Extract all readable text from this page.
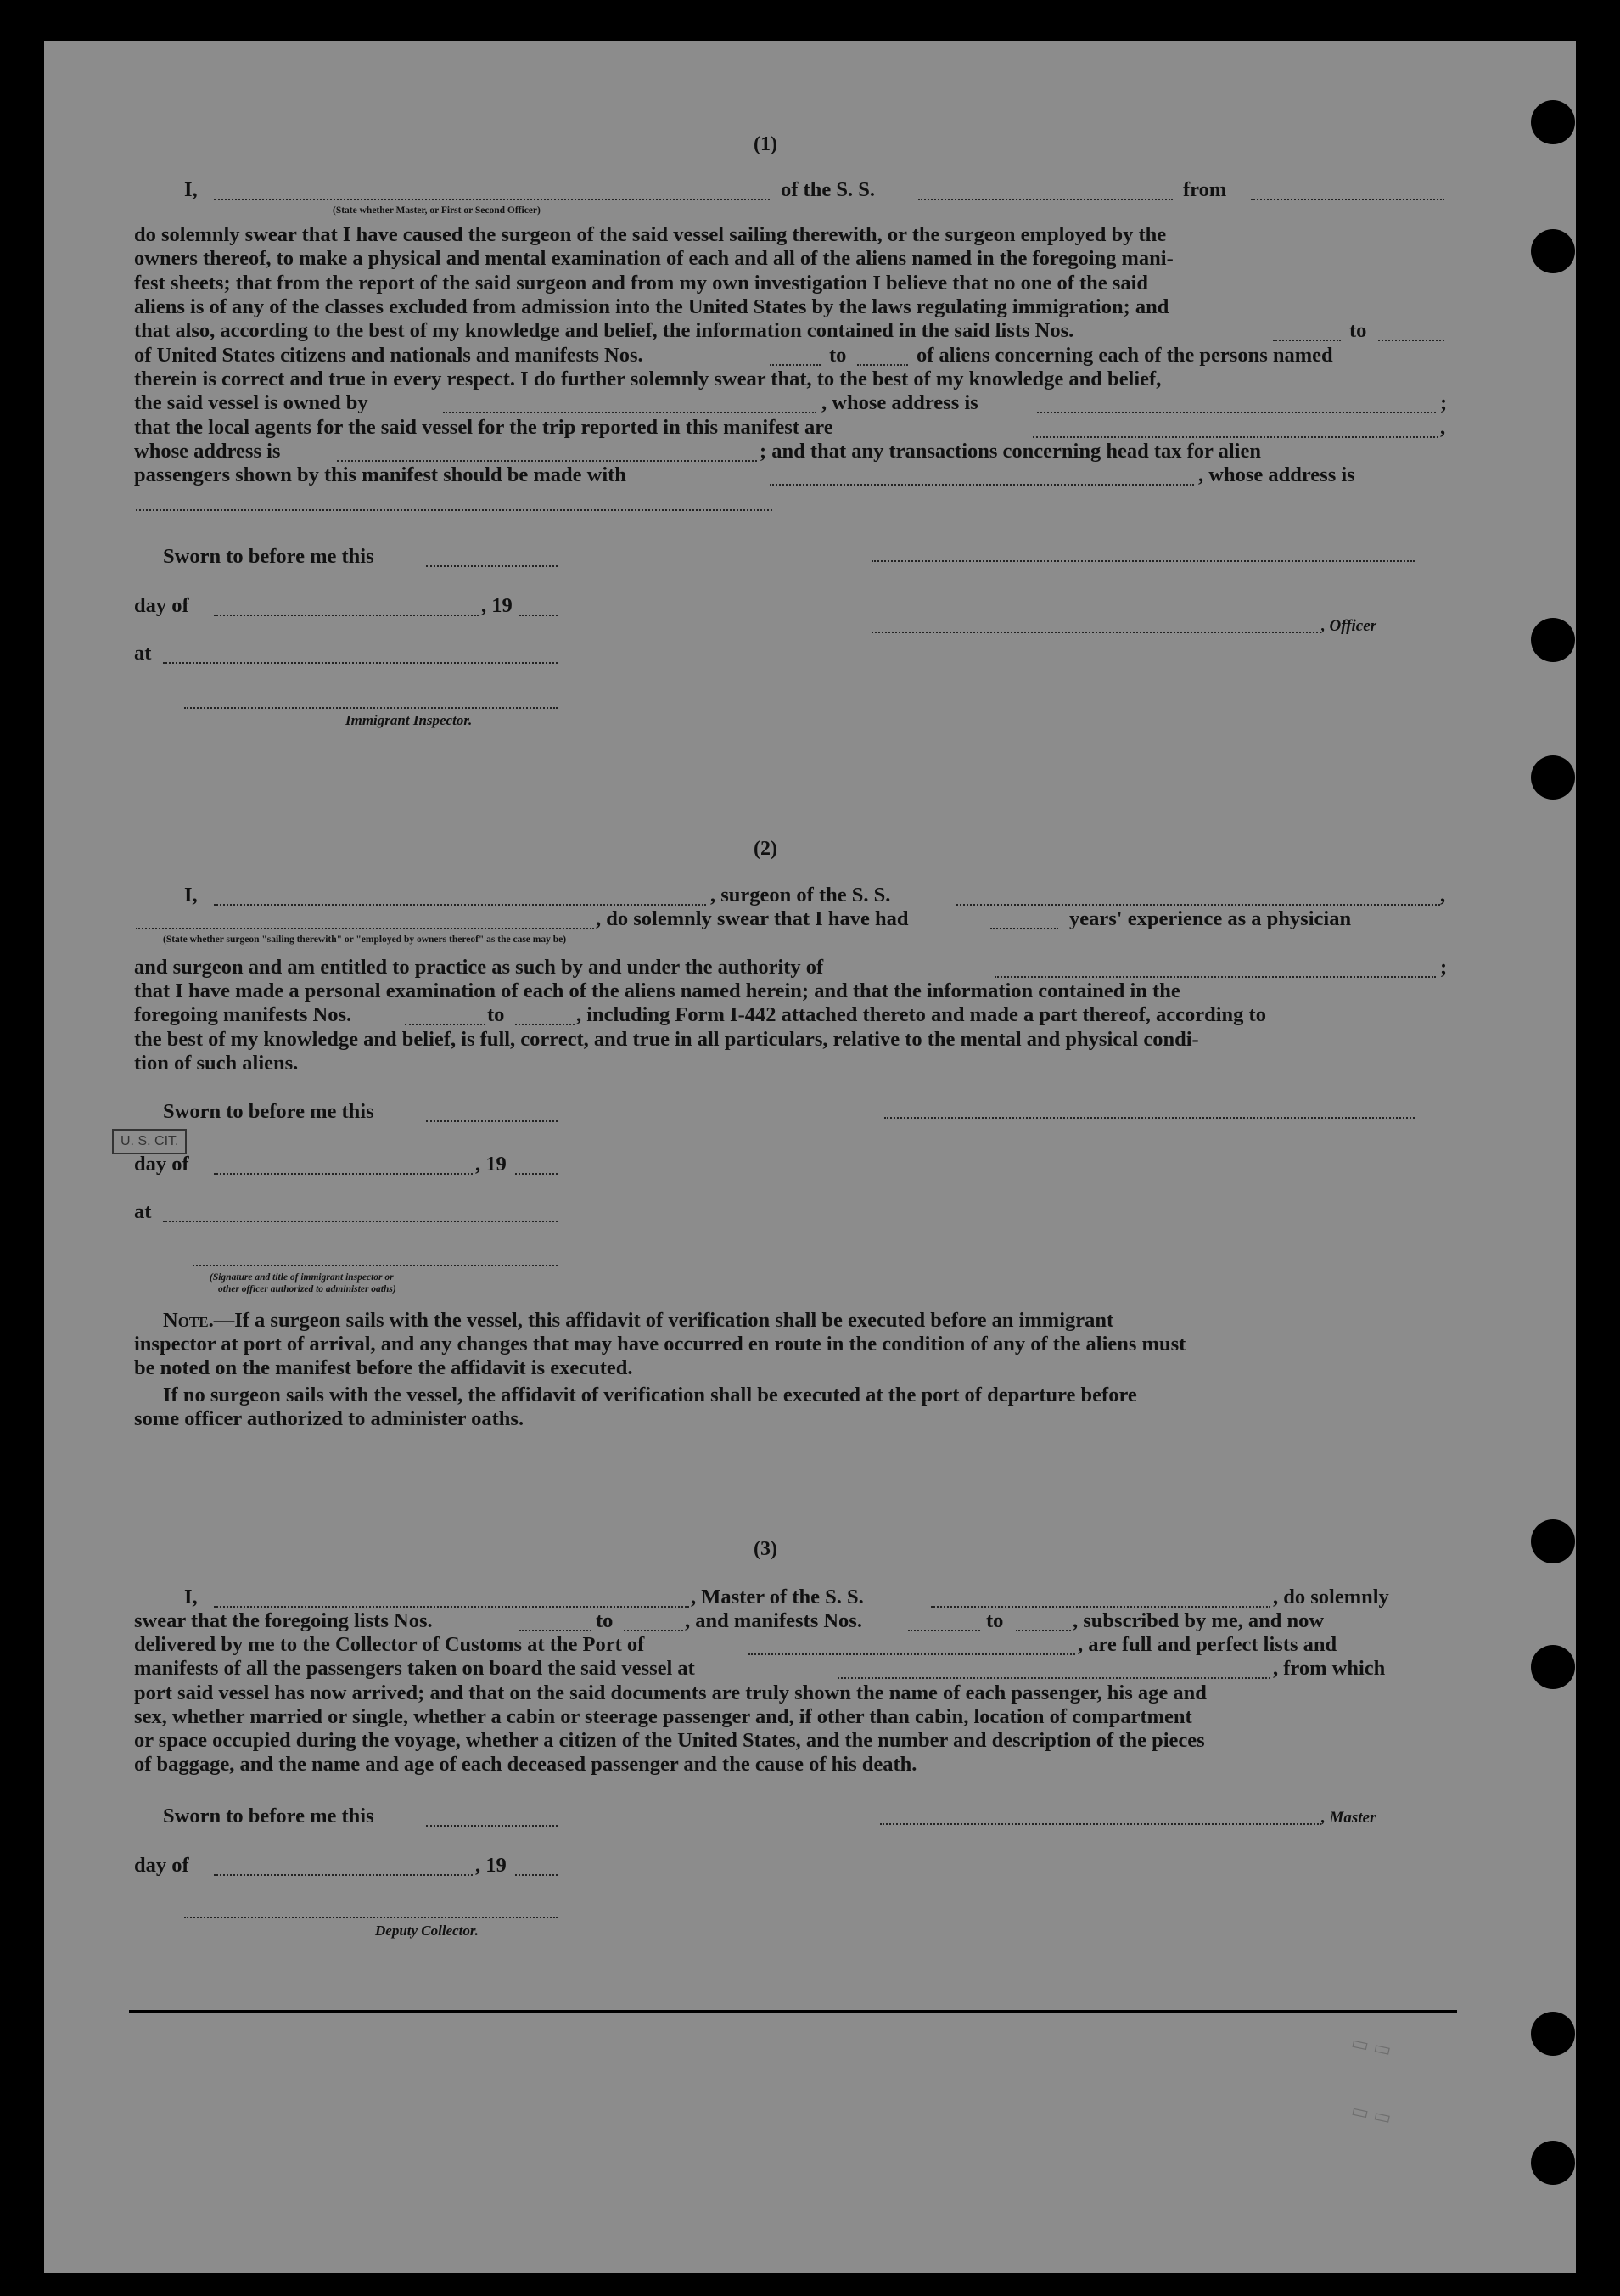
▭ ▭
▭ ▭
(1)
I,	of the S. S.	from
(State whether Master, or First or Second Officer)
do solemnly swear that I have caused the surgeon of the said vessel sailing therewith, or the surgeon employed by the
owners thereof, to make a physical and mental examination of each and all of the aliens named in the foregoing mani-
fest sheets; that from the report of the said surgeon and from my own investigation I believe that no one of the said
aliens is of any of the classes excluded from admission into the United States by the laws regulating immigration; and
that also, according to the best of my knowledge and belief, the information contained in the said lists Nos.	to
of United States citizens and nationals and manifests Nos.	to	of aliens concerning each of the persons named
therein is correct and true in every respect. I do further solemnly swear that, to the best of my knowledge and belief,
the said vessel is owned by	, whose address is	;
that the local agents for the said vessel for the trip reported in this manifest are	,
whose address is	; and that any transactions concerning head tax for alien
passengers shown by this manifest should be made with	, whose address is
Sworn to before me this
day of	, 19
, Officer
at
Immigrant Inspector.
(2)
I,	, surgeon of the S. S.	,
, do solemnly swear that I have had	years' experience as a physician
(State whether surgeon "sailing therewith" or "employed by owners thereof" as the case may be)
and surgeon and am entitled to practice as such by and under the authority of	;
that I have made a personal examination of each of the aliens named herein; and that the information contained in the
foregoing manifests Nos.	to	, including Form I-442 attached thereto and made a part thereof, according to
the best of my knowledge and belief, is full, correct, and true in all particulars, relative to the mental and physical condi-
tion of such aliens.
Sworn to before me this
U. S. CIT.
day of	, 19
at
(Signature and title of immigrant inspector or
other officer authorized to administer oaths)
Note.—If a surgeon sails with the vessel, this affidavit of verification shall be executed before an immigrant
inspector at port of arrival, and any changes that may have occurred en route in the condition of any of the aliens must
be noted on the manifest before the affidavit is executed.
If no surgeon sails with the vessel, the affidavit of verification shall be executed at the port of departure before
some officer authorized to administer oaths.
(3)
I,	, Master of the S. S.	, do solemnly
swear that the foregoing lists Nos.	to	, and manifests Nos.	to	, subscribed by me, and now
delivered by me to the Collector of Customs at the Port of	, are full and perfect lists and
manifests of all the passengers taken on board the said vessel at	, from which
port said vessel has now arrived; and that on the said documents are truly shown the name of each passenger, his age and
sex, whether married or single, whether a cabin or steerage passenger and, if other than cabin, location of compartment
or space occupied during the voyage, whether a citizen of the United States, and the number and description of the pieces
of baggage, and the name and age of each deceased passenger and the cause of his death.
Sworn to before me this	, Master
day of	, 19
Deputy Collector.
